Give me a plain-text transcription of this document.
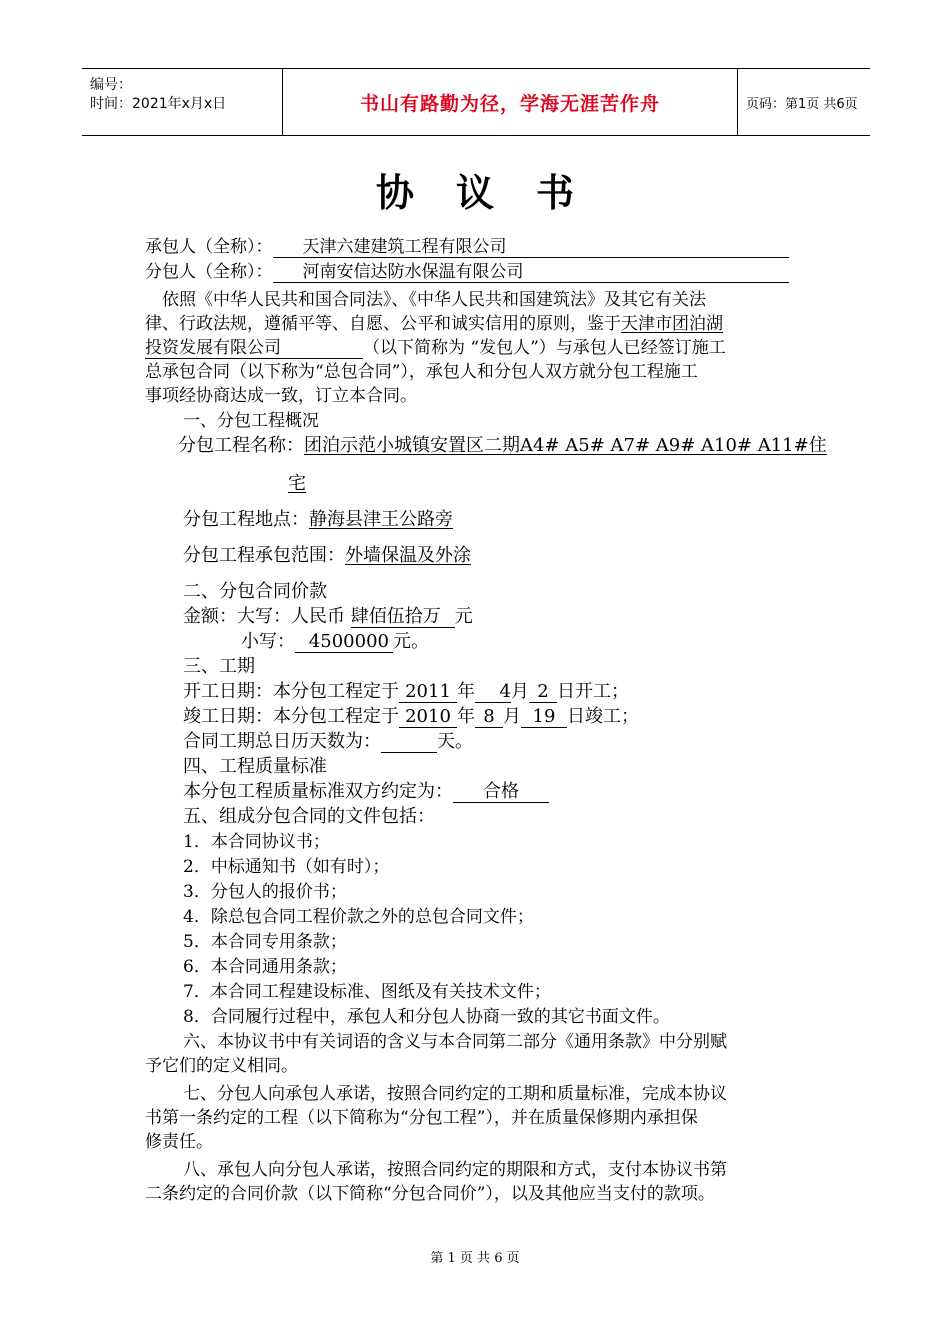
编号：
时间：2021年x月x日	书山有路勤为径，学海无涯苦作舟	页码：第1页 共6页
协议书
承包人（全称）： 天津六建建筑工程有限公司
分包人（全称）： 河南安信达防水保温有限公司
依照《中华人民共和国合同法》、《中华人民共和国建筑法》及其它有关法
律、行政法规，遵循平等、自愿、公平和诚实信用的原则，鉴于天津市团泊湖
投资发展有限公司	（以下简称为 “发包人”）与承包人已经签订施工
总承包合同（以下称为“总包合同”），承包人和分包人双方就分包工程施工
事项经协商达成一致，订立本合同。
一、分包工程概况
分包工程名称：团泊示范小城镇安置区二期A4# A5# A7# A9# A10# A11#住
宅
分包工程地点：静海县津王公路旁
分包工程承包范围：外墙保温及外涂
二、分包合同价款
金额：大写：人民币 肆佰伍拾万 元
小写： 4500000 元。
三、工期
开工日期：本分包工程定于 2011 年 4月 2 日开工；
竣工日期：本分包工程定于 2010 年 8 月 19 日竣工；
合同工期总日历天数为：	天。
四、工程质量标准
本分包工程质量标准双方约定为： 合格
五、组成分包合同的文件包括：
1．本合同协议书；
2．中标通知书（如有时）；
3．分包人的报价书；
4．除总包合同工程价款之外的总包合同文件；
5．本合同专用条款；
6．本合同通用条款；
7．本合同工程建设标准、图纸及有关技术文件；
8．合同履行过程中，承包人和分包人协商一致的其它书面文件。
六、本协议书中有关词语的含义与本合同第二部分《通用条款》中分别赋
予它们的定义相同。
七、分包人向承包人承诺，按照合同约定的工期和质量标准，完成本协议
书第一条约定的工程（以下简称为“分包工程”），并在质量保修期内承担保
修责任。
八、承包人向分包人承诺，按照合同约定的期限和方式，支付本协议书第
二条约定的合同价款（以下简称“分包合同价”），以及其他应当支付的款项。
第 1 页 共 6 页
